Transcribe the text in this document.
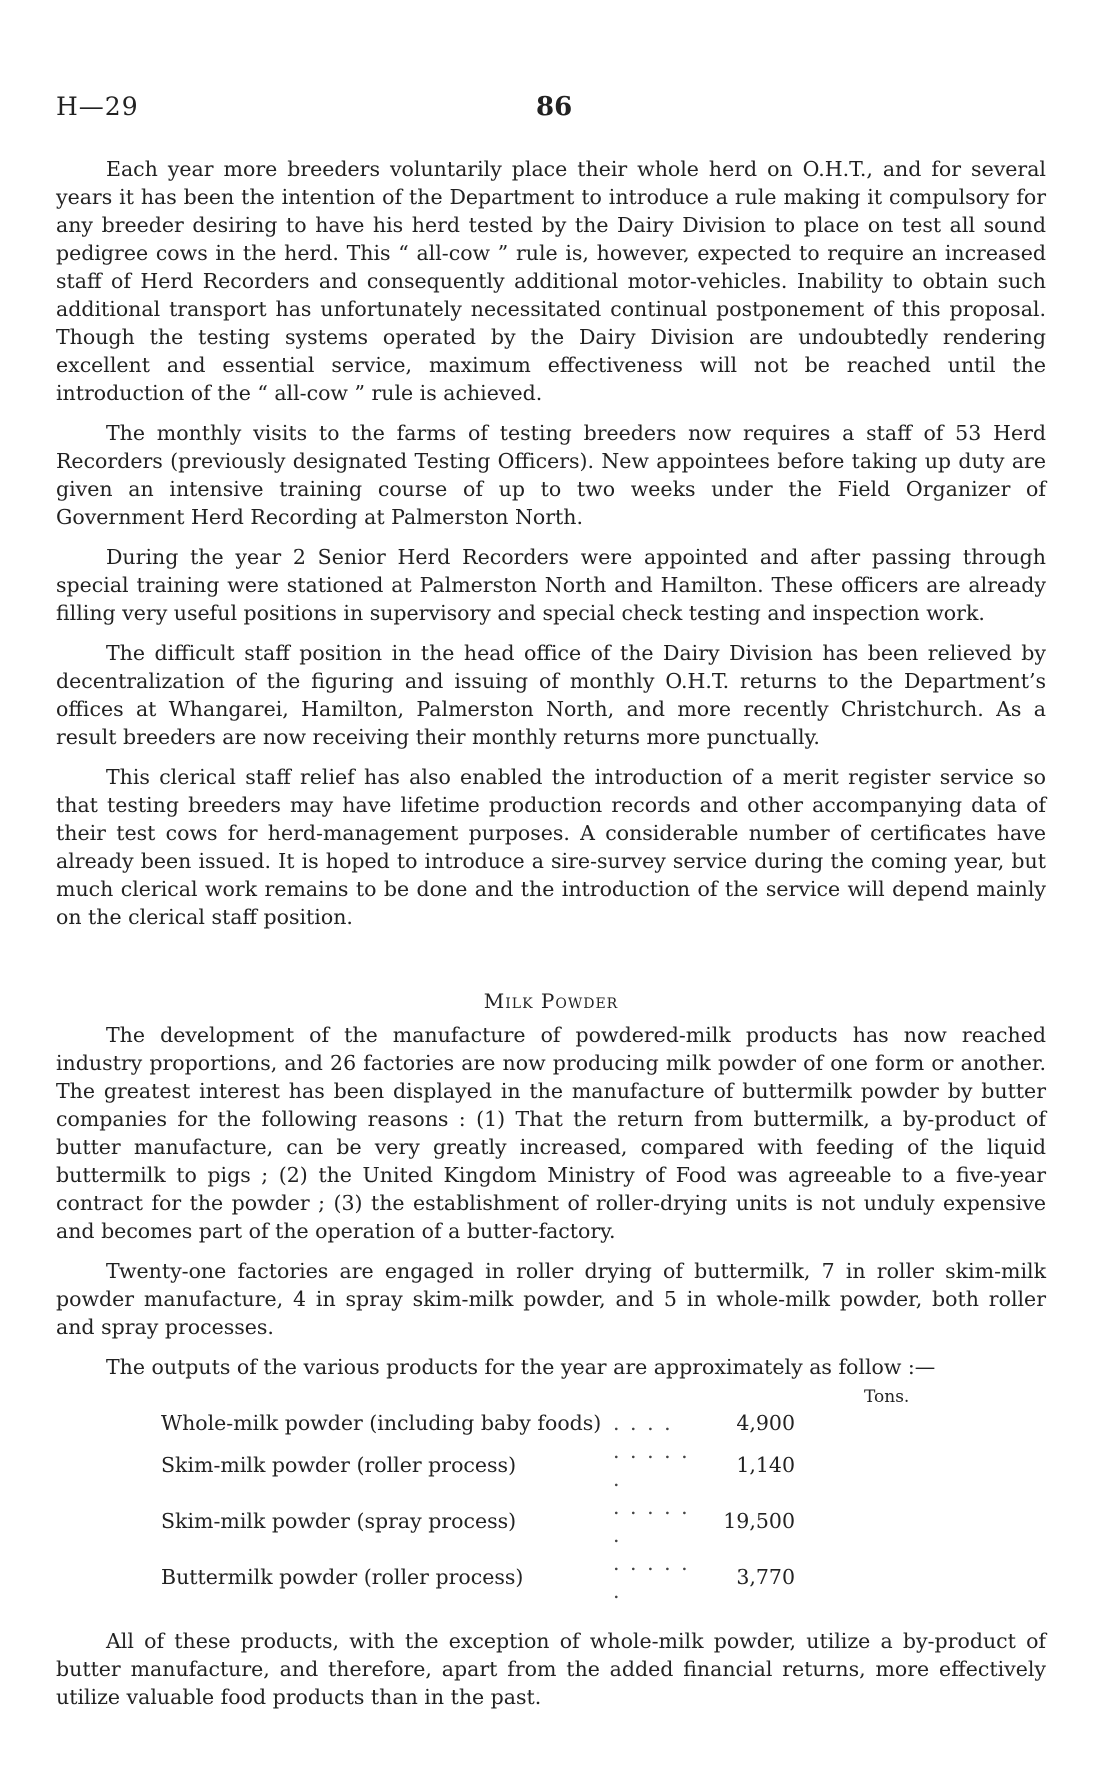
H—29	86

Each year more breeders voluntarily place their whole herd on O.H.T., and for several years it has been the intention of the Department to introduce a rule making it compulsory for any breeder desiring to have his herd tested by the Dairy Division to place on test all sound pedigree cows in the herd. This “ all-cow ” rule is, however, expected to require an increased staff of Herd Recorders and consequently additional motor-vehicles. Inability to obtain such additional transport has unfortunately necessitated continual postponement of this proposal. Though the testing systems operated by the Dairy Division are undoubtedly rendering excellent and essential service, maximum effectiveness will not be reached until the introduction of the “ all-cow ” rule is achieved.

The monthly visits to the farms of testing breeders now requires a staff of 53 Herd Recorders (previously designated Testing Officers). New appointees before taking up duty are given an intensive training course of up to two weeks under the Field Organizer of Government Herd Recording at Palmerston North.

During the year 2 Senior Herd Recorders were appointed and after passing through special training were stationed at Palmerston North and Hamilton. These officers are already filling very useful positions in supervisory and special check testing and inspection work.

The difficult staff position in the head office of the Dairy Division has been relieved by decentralization of the figuring and issuing of monthly O.H.T. returns to the Department’s offices at Whangarei, Hamilton, Palmerston North, and more recently Christchurch. As a result breeders are now receiving their monthly returns more punctually.

This clerical staff relief has also enabled the introduction of a merit register service so that testing breeders may have lifetime production records and other accompanying data of their test cows for herd-management purposes. A considerable number of certificates have already been issued. It is hoped to introduce a sire-survey service during the coming year, but much clerical work remains to be done and the introduction of the service will depend mainly on the clerical staff position.

Milk Powder

The development of the manufacture of powdered-milk products has now reached industry proportions, and 26 factories are now producing milk powder of one form or another. The greatest interest has been displayed in the manufacture of buttermilk powder by butter companies for the following reasons : (1) That the return from buttermilk, a by-product of butter manufacture, can be very greatly increased, compared with feeding of the liquid buttermilk to pigs ; (2) the United Kingdom Ministry of Food was agreeable to a five-year contract for the powder ; (3) the establishment of roller-drying units is not unduly expensive and becomes part of the operation of a butter-factory.

Twenty-one factories are engaged in roller drying of buttermilk, 7 in roller skim-milk powder manufacture, 4 in spray skim-milk powder, and 5 in whole-milk powder, both roller and spray processes.

The outputs of the various products for the year are approximately as follow :—

Tons.
Whole-milk powder (including baby foods)	. . . .	4,900
Skim-milk powder (roller process)	. . . . . .	1,140
Skim-milk powder (spray process)	. . . . . .	19,500
Buttermilk powder (roller process)	. . . . . .	3,770

All of these products, with the exception of whole-milk powder, utilize a by-product of butter manufacture, and therefore, apart from the added financial returns, more effectively utilize valuable food products than in the past.
